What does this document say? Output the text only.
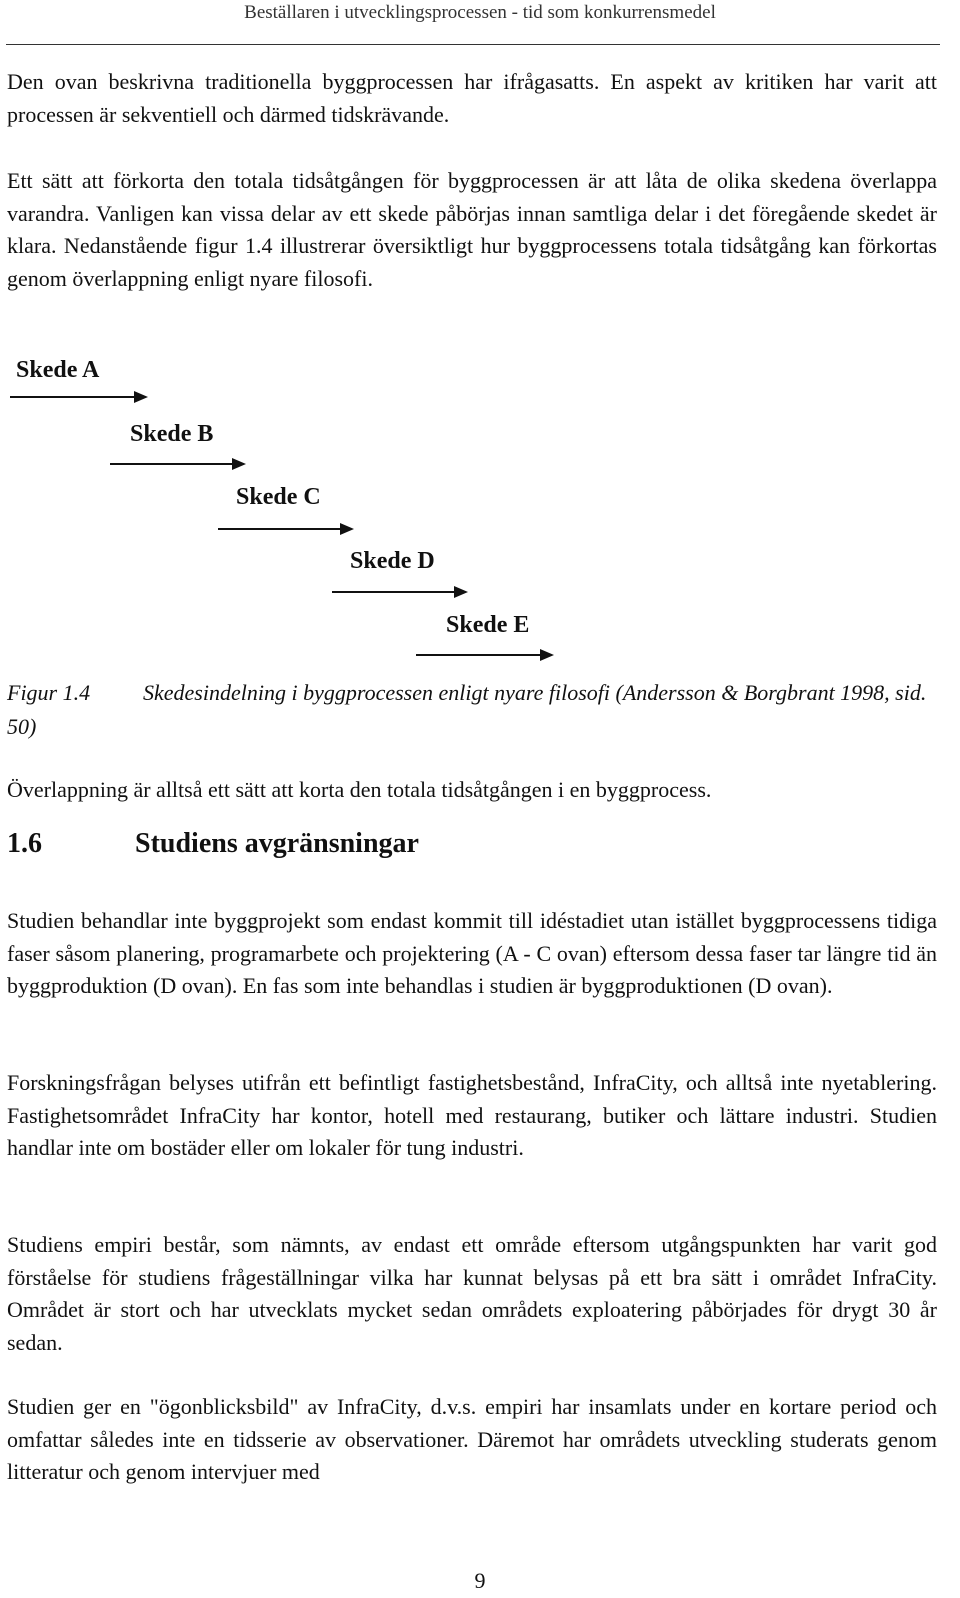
Beställaren i utvecklingsprocessen - tid som konkurrensmedel

Den ovan beskrivna traditionella byggprocessen har ifrågasatts. En aspekt av kritiken har varit att processen är sekventiell och därmed tidskrävande.

Ett sätt att förkorta den totala tidsåtgången för byggprocessen är att låta de olika skedena överlappa varandra. Vanligen kan vissa delar av ett skede påbörjas innan samtliga delar i det föregående skedet är klara. Nedanstående figur 1.4 illustrerar översiktligt hur byggprocessens totala tidsåtgång kan förkortas genom överlappning enligt nyare filosofi.

Skede A
Skede B
Skede C
Skede D
Skede E

Figur 1.4 Skedesindelning i byggprocessen enligt nyare filosofi (Andersson & Borgbrant 1998, sid. 50)

Överlappning är alltså ett sätt att korta den totala tidsåtgången i en byggprocess.

1.6	Studiens avgränsningar

Studien behandlar inte byggprojekt som endast kommit till idéstadiet utan istället byggprocessens tidiga faser såsom planering, programarbete och projektering (A - C ovan) eftersom dessa faser tar längre tid än byggproduktion (D ovan). En fas som inte behandlas i studien är byggproduktionen (D ovan).

Forskningsfrågan belyses utifrån ett befintligt fastighetsbestånd, InfraCity, och alltså inte nyetablering. Fastighetsområdet InfraCity har kontor, hotell med restaurang, butiker och lättare industri. Studien handlar inte om bostäder eller om lokaler för tung industri.

Studiens empiri består, som nämnts, av endast ett område eftersom utgångspunkten har varit god förståelse för studiens frågeställningar vilka har kunnat belysas på ett bra sätt i området InfraCity. Området är stort och har utvecklats mycket sedan områdets exploatering påbörjades för drygt 30 år sedan.

Studien ger en "ögonblicksbild" av InfraCity, d.v.s. empiri har insamlats under en kortare period och omfattar således inte en tidsserie av observationer. Däremot har områdets utveckling studerats genom litteratur och genom intervjuer med

9
